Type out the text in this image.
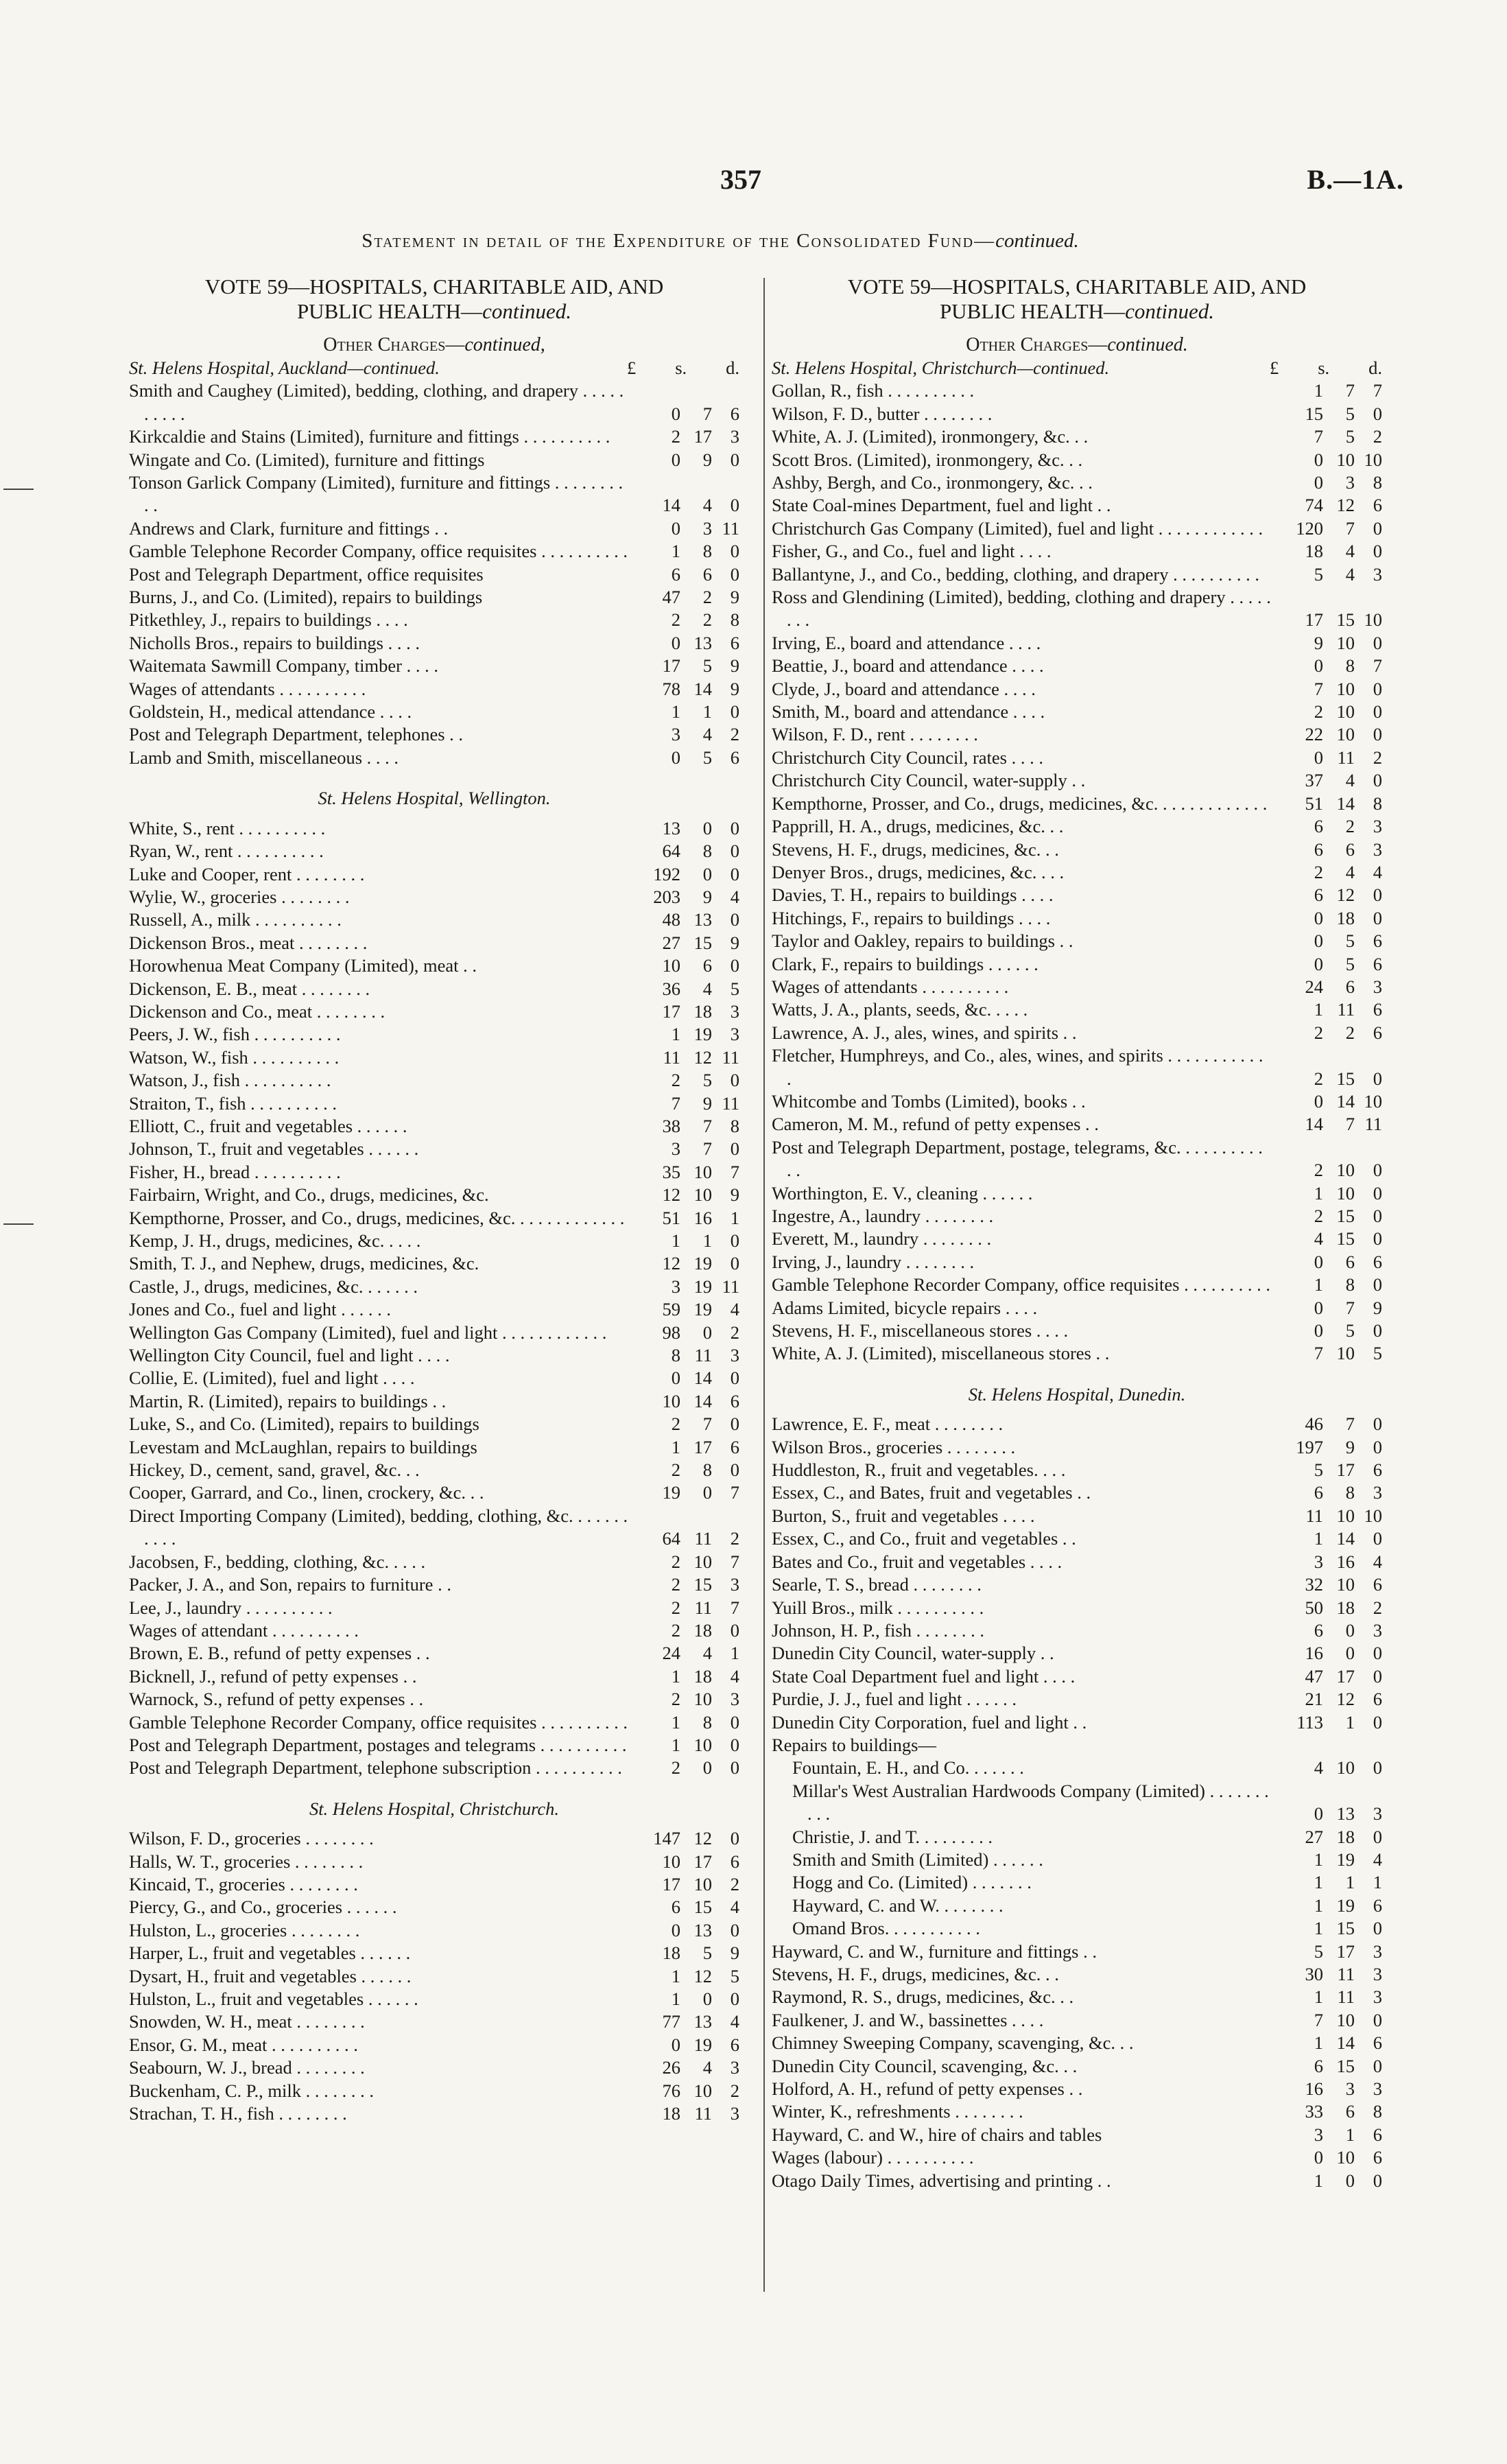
357	B.—1A.
Statement in detail of the Expenditure of the Consolidated Fund—continued.
VOTE 59—HOSPITALS, CHARITABLE AID, AND
PUBLIC HEALTH—continued.
Other Charges—continued,
St. Helens Hospital, Auckland—continued.	£ s. d.
Smith and Caughey (Limited), bedding, clothing, and drapery . . . . . . . . . .	0	7	6
Kirkcaldie and Stains (Limited), furniture and fittings . . . . . . . . . .	2 17	3
Wingate and Co. (Limited), furniture and fittings	0	9	0
Tonson Garlick Company (Limited), furniture and fittings . . . . . . . . . .	14	4	0
Andrews and Clark, furniture and fittings . .	0	3 11
Gamble Telephone Recorder Company, office requisites . . . . . . . . . .	1	8	0
Post and Telegraph Department, office requisites	6	6	0
Burns, J., and Co. (Limited), repairs to buildings	47	2	9
Pitkethley, J., repairs to buildings . . . .	2	2	8
Nicholls Bros., repairs to buildings . . . .	0 13	6
Waitemata Sawmill Company, timber . . . .	17	5	9
Wages of attendants . . . . . . . . . .	78 14	9
Goldstein, H., medical attendance . . . .	1	1	0
Post and Telegraph Department, telephones . .	3	4	2
Lamb and Smith, miscellaneous . . . .	0	5	6
St. Helens Hospital, Wellington.
White, S., rent . . . . . . . . . .	13	0	0
Ryan, W., rent . . . . . . . . . .	64	8	0
Luke and Cooper, rent . . . . . . . .	192	0	0
Wylie, W., groceries . . . . . . . .	203	9	4
Russell, A., milk . . . . . . . . . .	48 13	0
Dickenson Bros., meat . . . . . . . .	27 15	9
Horowhenua Meat Company (Limited), meat . .	10	6	0
Dickenson, E. B., meat . . . . . . . .	36	4	5
Dickenson and Co., meat . . . . . . . .	17 18	3
Peers, J. W., fish . . . . . . . . . .	1 19	3
Watson, W., fish . . . . . . . . . .	11 12 11
Watson, J., fish . . . . . . . . . .	2	5	0
Straiton, T., fish . . . . . . . . . .	7	9 11
Elliott, C., fruit and vegetables . . . . . .	38	7	8
Johnson, T., fruit and vegetables . . . . . .	3	7	0
Fisher, H., bread . . . . . . . . . .	35 10	7
Fairbairn, Wright, and Co., drugs, medicines, &c.	12 10	9
Kempthorne, Prosser, and Co., drugs, medicines, &c. . . . . . . . . . . . .	51 16	1
Kemp, J. H., drugs, medicines, &c. . . . .	1	1	0
Smith, T. J., and Nephew, drugs, medicines, &c.	12 19	0
Castle, J., drugs, medicines, &c. . . . . . .	3 19 11
Jones and Co., fuel and light . . . . . .	59 19	4
Wellington Gas Company (Limited), fuel and light . . . . . . . . . . . .	98	0	2
Wellington City Council, fuel and light . . . .	8 11	3
Collie, E. (Limited), fuel and light . . . .	0 14	0
Martin, R. (Limited), repairs to buildings . .	10 14	6
Luke, S., and Co. (Limited), repairs to buildings	2	7	0
Levestam and McLaughlan, repairs to buildings	1 17	6
Hickey, D., cement, sand, gravel, &c. . .	2	8	0
Cooper, Garrard, and Co., linen, crockery, &c. . .	19	0	7
Direct Importing Company (Limited), bedding, clothing, &c. . . . . . . . . . .	64 11	2
Jacobsen, F., bedding, clothing, &c. . . . .	2 10	7
Packer, J. A., and Son, repairs to furniture . .	2 15	3
Lee, J., laundry . . . . . . . . . .	2 11	7
Wages of attendant . . . . . . . . . .	2 18	0
Brown, E. B., refund of petty expenses . .	24	4	1
Bicknell, J., refund of petty expenses . .	1 18	4
Warnock, S., refund of petty expenses . .	2 10	3
Gamble Telephone Recorder Company, office requisites . . . . . . . . . .	1	8	0
Post and Telegraph Department, postages and telegrams . . . . . . . . . .	1 10	0
Post and Telegraph Department, telephone subscription . . . . . . . . . .	2	0	0
St. Helens Hospital, Christchurch.
Wilson, F. D., groceries . . . . . . . .	147 12	0
Halls, W. T., groceries . . . . . . . .	10 17	6
Kincaid, T., groceries . . . . . . . .	17 10	2
Piercy, G., and Co., groceries . . . . . .	6 15	4
Hulston, L., groceries . . . . . . . .	0 13	0
Harper, L., fruit and vegetables . . . . . .	18	5	9
Dysart, H., fruit and vegetables . . . . . .	1 12	5
Hulston, L., fruit and vegetables . . . . . .	1	0	0
Snowden, W. H., meat . . . . . . . .	77 13	4
Ensor, G. M., meat . . . . . . . . . .	0 19	6
Seabourn, W. J., bread . . . . . . . .	26	4	3
Buckenham, C. P., milk . . . . . . . .	76 10	2
Strachan, T. H., fish . . . . . . . .	18 11	3
VOTE 59—HOSPITALS, CHARITABLE AID, AND
PUBLIC HEALTH—continued.
Other Charges—continued.
St. Helens Hospital, Christchurch—continued.	£ s. d.
Gollan, R., fish . . . . . . . . . .	1	7	7
Wilson, F. D., butter . . . . . . . .	15	5	0
White, A. J. (Limited), ironmongery, &c. . .	7	5	2
Scott Bros. (Limited), ironmongery, &c. . .	0 10 10
Ashby, Bergh, and Co., ironmongery, &c. . .	0	3	8
State Coal-mines Department, fuel and light . .	74 12	6
Christchurch Gas Company (Limited), fuel and light . . . . . . . . . . . .	120	7	0
Fisher, G., and Co., fuel and light . . . .	18	4	0
Ballantyne, J., and Co., bedding, clothing, and drapery . . . . . . . . . .	5	4	3
Ross and Glendining (Limited), bedding, clothing and drapery . . . . . . . .	17 15 10
Irving, E., board and attendance . . . .	9 10	0
Beattie, J., board and attendance . . . .	0	8	7
Clyde, J., board and attendance . . . .	7 10	0
Smith, M., board and attendance . . . .	2 10	0
Wilson, F. D., rent . . . . . . . .	22 10	0
Christchurch City Council, rates . . . .	0 11	2
Christchurch City Council, water-supply . .	37	4	0
Kempthorne, Prosser, and Co., drugs, medicines, &c. . . . . . . . . . . . .	51 14	8
Papprill, H. A., drugs, medicines, &c. . .	6	2	3
Stevens, H. F., drugs, medicines, &c. . .	6	6	3
Denyer Bros., drugs, medicines, &c. . . .	2	4	4
Davies, T. H., repairs to buildings . . . .	6 12	0
Hitchings, F., repairs to buildings . . . .	0 18	0
Taylor and Oakley, repairs to buildings . .	0	5	6
Clark, F., repairs to buildings . . . . . .	0	5	6
Wages of attendants . . . . . . . . . .	24	6	3
Watts, J. A., plants, seeds, &c. . . . .	1 11	6
Lawrence, A. J., ales, wines, and spirits . .	2	2	6
Fletcher, Humphreys, and Co., ales, wines, and spirits . . . . . . . . . . . .	2 15	0
Whitcombe and Tombs (Limited), books . .	0 14 10
Cameron, M. M., refund of petty expenses . .	14	7 11
Post and Telegraph Department, postage, telegrams, &c. . . . . . . . . . . .	2 10	0
Worthington, E. V., cleaning . . . . . .	1 10	0
Ingestre, A., laundry . . . . . . . .	2 15	0
Everett, M., laundry . . . . . . . .	4 15	0
Irving, J., laundry . . . . . . . .	0	6	6
Gamble Telephone Recorder Company, office requisites . . . . . . . . . .	1	8	0
Adams Limited, bicycle repairs . . . .	0	7	9
Stevens, H. F., miscellaneous stores . . . .	0	5	0
White, A. J. (Limited), miscellaneous stores . .	7 10	5
St. Helens Hospital, Dunedin.
Lawrence, E. F., meat . . . . . . . .	46	7	0
Wilson Bros., groceries . . . . . . . .	197	9	0
Huddleston, R., fruit and vegetables. . . .	5 17	6
Essex, C., and Bates, fruit and vegetables . .	6	8	3
Burton, S., fruit and vegetables . . . .	11 10 10
Essex, C., and Co., fruit and vegetables . .	1 14	0
Bates and Co., fruit and vegetables . . . .	3 16	4
Searle, T. S., bread . . . . . . . .	32 10	6
Yuill Bros., milk . . . . . . . . . .	50 18	2
Johnson, H. P., fish . . . . . . . .	6	0	3
Dunedin City Council, water-supply . .	16	0	0
State Coal Department fuel and light . . . .	47 17	0
Purdie, J. J., fuel and light . . . . . .	21 12	6
Dunedin City Corporation, fuel and light . .	113	1	0
Repairs to buildings—
Fountain, E. H., and Co. . . . . . .	4 10	0
Millar's West Australian Hardwoods Company (Limited) . . . . . . . . . .	0 13	3
Christie, J. and T. . . . . . . . .	27 18	0
Smith and Smith (Limited) . . . . . .	1 19	4
Hogg and Co. (Limited) . . . . . . .	1	1	1
Hayward, C. and W. . . . . . . .	1 19	6
Omand Bros. . . . . . . . . . .	1 15	0
Hayward, C. and W., furniture and fittings . .	5 17	3
Stevens, H. F., drugs, medicines, &c. . .	30 11	3
Raymond, R. S., drugs, medicines, &c. . .	1 11	3
Faulkener, J. and W., bassinettes . . . .	7 10	0
Chimney Sweeping Company, scavenging, &c. . .	1 14	6
Dunedin City Council, scavenging, &c. . .	6 15	0
Holford, A. H., refund of petty expenses . .	16	3	3
Winter, K., refreshments . . . . . . . .	33	6	8
Hayward, C. and W., hire of chairs and tables	3	1	6
Wages (labour) . . . . . . . . . .	0 10	6
Otago Daily Times, advertising and printing . .	1	0	0
